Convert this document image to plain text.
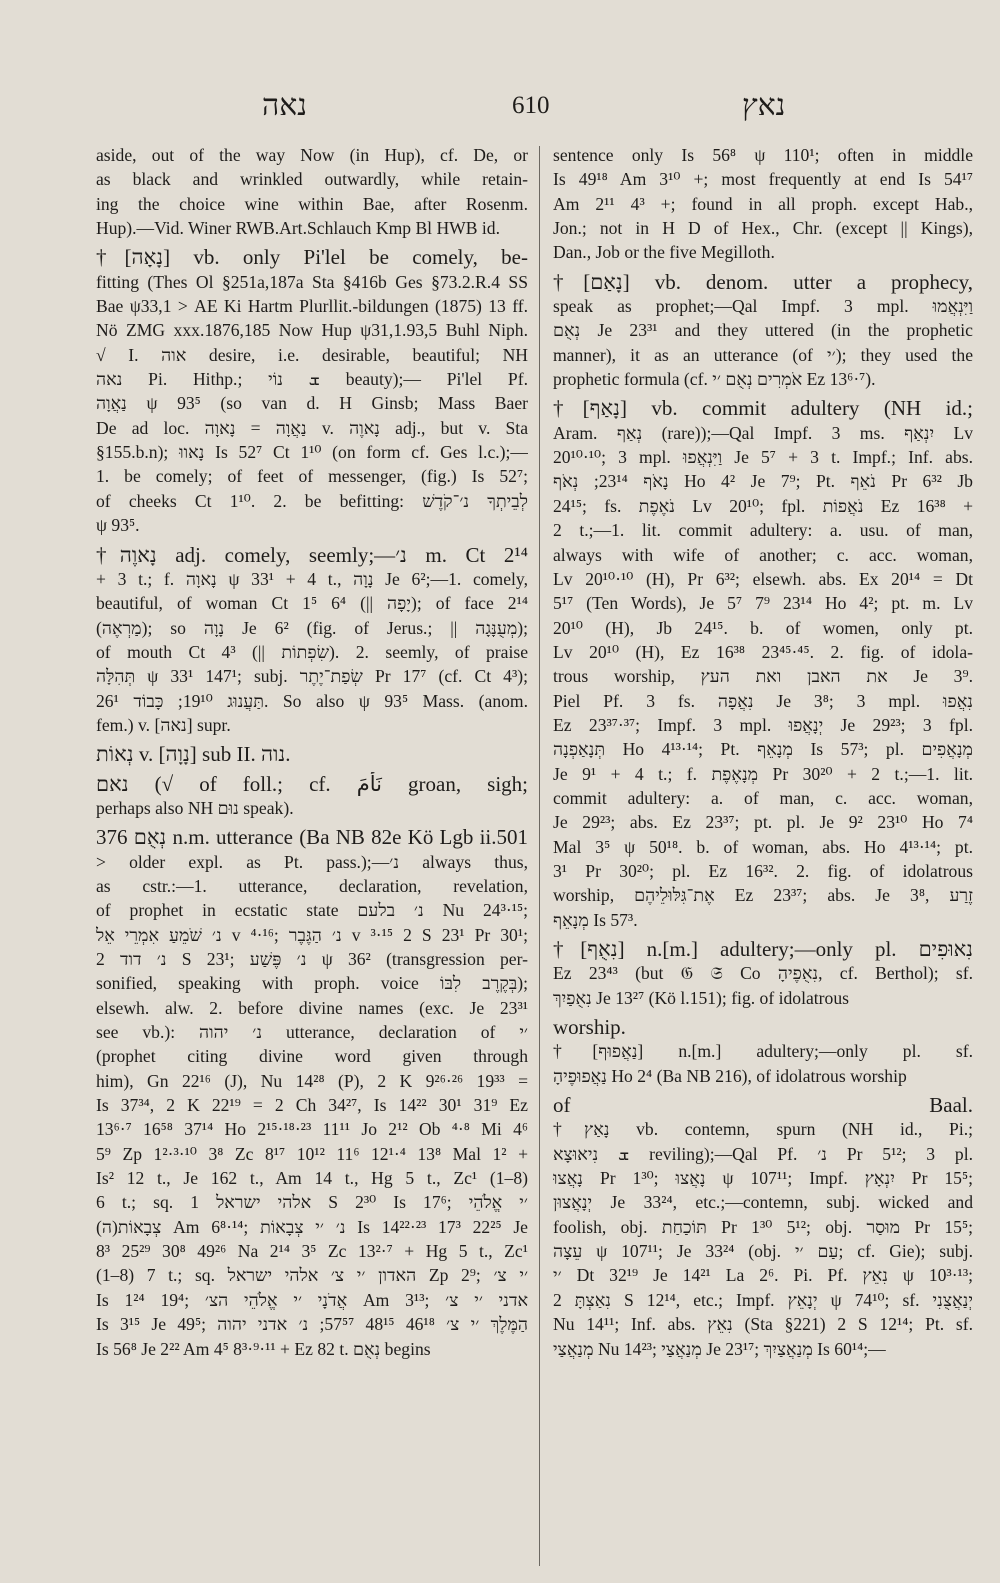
נאה	610	נאץ
aside, out of the way Now (in Hup), cf. De, or
as black and wrinkled outwardly, while retain-
ing the choice wine within Bae, after Rosenm.
Hup).—Vid. Winer RWB.Art.Schlauch Kmp Bl HWB id.
†[נָאָה] vb. only Pi'lel be comely, be-
fitting (Thes Ol §251a,187a Sta §416b Ges §73.2.R.4 SS
Bae ψ33,1 > AE Ki Hartm Plurllit.-bildungen (1875) 13 ff.
Nö ZMG xxx.1876,185 Now Hup ψ31,1.93,5 Buhl Niph.
√ I. אוה desire, i.e. desirable, beautiful; NH
נאה Pi. Hithp.; ܫ נוֹי beauty);— Pi'lel Pf.
נַאֲוָה ψ 93⁵ (so van d. H Ginsb; Mass Baer
De ad loc. נַאֲוָה = נָאוָה v. נָאוֶה adj., but v. Sta
§155.b.n); נָאווּ Is 52⁷ Ct 1¹⁰ (on form cf. Ges l.c.);—
1. be comely; of feet of messenger, (fig.) Is 52⁷;
of cheeks Ct 1¹⁰. 2. be befitting: לְבֵיתְךָ נ׳־קֹדֶשׁ
ψ 93⁵.
†נָאוֶה adj. comely, seemly;—נ׳ m. Ct 2¹⁴
+ 3 t.; f. נָאוָה ψ 33¹ + 4 t., נָוָה Je 6²;—1. comely,
beautiful, of woman Ct 1⁵ 6⁴ (|| יָפָה); of face 2¹⁴
(מַרְאֶה); so נָוָה Je 6² (fig. of Jerus.; || מְעֻנָּגָה);
of mouth Ct 4³ (|| שִׂפְתוֹת). 2. seemly, of praise
תְּהִלָּה ψ 33¹ 147¹; subj. שְׂפַת־יֶתֶר Pr 17⁷ (cf. Ct 4³);
תַּעֲנוּג 19¹⁰; כָּבוֹד 26¹. So also ψ 93⁵ Mass. (anom.
fem.) v. [נאה] supr.
נְאוֹת v. [נָוָה] sub II. נוה.
נאם (√ of foll.; cf. نَأَمَ groan, sigh;
perhaps also NH נוּם speak).
נְאֻם 376 n.m. utterance (Ba NB 82e Kö Lgb ii.501
> older expl. as Pt. pass.);—נ׳ always thus,
as cstr.:—1. utterance, declaration, revelation,
of prophet in ecstatic state נ׳ בלעם Nu 24³·¹⁵;
נ׳ שֹׁמֵעַ אִמְרֵי אֵל v ⁴·¹⁶; נ׳ הַגֶּבֶר v ³·¹⁵ 2 S 23¹ Pr 30¹;
נ׳ דוד 2 S 23¹; נ׳ פֶּשַׁע ψ 36² (transgression per-
sonified, speaking with proph. voice בְּקֶרֶב לִבּוֹ);
elsewh. alw. 2. before divine names (exc. Je 23³¹
see vb.): נ׳ יהוה utterance, declaration of ׳י
(prophet citing divine word given through
him), Gn 22¹⁶ (J), Nu 14²⁸ (P), 2 K 9²⁶·²⁶ 19³³ =
Is 37³⁴, 2 K 22¹⁹ = 2 Ch 34²⁷, Is 14²² 30¹ 31⁹ Ez
13⁶·⁷ 16⁵⁸ 37¹⁴ Ho 2¹⁵·¹⁸·²³ 11¹¹ Jo 2¹² Ob ⁴·⁸ Mi 4⁶
5⁹ Zp 1²·³·¹⁰ 3⁸ Zc 8¹⁷ 10¹² 11⁶ 12¹·⁴ 13⁸ Mal 1² +
Is² 12 t., Je 162 t., Am 14 t., Hg 5 t., Zc¹ (1–8)
6 t.; sq. אלהי ישראל 1 S 2³⁰ Is 17⁶; ׳י אֱלֹהֵי
(ה)צְבָאוֹת Am 6⁸·¹⁴; נ׳ ׳י צְבָאוֹת Is 14²²·²³ 17³ 22²⁵ Je
8³ 25²⁹ 30⁸ 49²⁶ Na 2¹⁴ 3⁵ Zc 13²·⁷ + Hg 5 t., Zc¹
(1–8) 7 t.; sq. האדון ׳י צ׳ אלהי ישראל Zp 2⁹; ׳י צ׳
Is 1²⁴ 19⁴; אֲדֹנָי ׳י אֱלֹהֵי הצ׳ Am 3¹³; אדני ׳י צ׳
Is 3¹⁵ Je 49⁵; הַמֶּלֶךְ ׳י צ׳ 46¹⁸ 48¹⁵ 57⁵⁷; נ׳ אדני יהוה
Is 56⁸ Je 2²² Am 4⁵ 8³·⁹·¹¹ + Ez 82 t. נְאֻם begins
sentence only Is 56⁸ ψ 110¹; often in middle
Is 49¹⁸ Am 3¹⁰ +; most frequently at end Is 54¹⁷
Am 2¹¹ 4³ +; found in all proph. except Hab.,
Jon.; not in H D of Hex., Chr. (except || Kings),
Dan., Job or the five Megilloth.
†[נָאַם] vb. denom. utter a prophecy,
speak as prophet;—Qal Impf. 3 mpl. וַיִּנְאֲמוּ
נְאֻם Je 23³¹ and they uttered (in the prophetic
manner), it as an utterance (of ׳י); they used the
prophetic formula (cf. אֹמְרִים נְאֻם ׳י Ez 13⁶·⁷).
†[נָאַף] vb. commit adultery (NH id.;
Aram. נְאַף (rare));—Qal Impf. 3 ms. יִנְאַף Lv
20¹⁰·¹⁰; 3 mpl. וַיִּנְאֲפוּ Je 5⁷ + 3 t. Impf.; Inf. abs.
נָאֹף 23¹⁴; נְאֹף Ho 4² Je 7⁹; Pt. נֹאֵף Pr 6³² Jb
24¹⁵; fs. נֹאֶפֶת Lv 20¹⁰; fpl. נֹאֲפוֹת Ez 16³⁸ +
2 t.;—1. lit. commit adultery: a. usu. of man,
always with wife of another; c. acc. woman,
Lv 20¹⁰·¹⁰ (H), Pr 6³²; elsewh. abs. Ex 20¹⁴ = Dt
5¹⁷ (Ten Words), Je 5⁷ 7⁹ 23¹⁴ Ho 4²; pt. m. Lv
20¹⁰ (H), Jb 24¹⁵. b. of women, only pt.
Lv 20¹⁰ (H), Ez 16³⁸ 23⁴⁵·⁴⁵. 2. fig. of idola-
trous worship, את האבן ואת העץ Je 3⁹.
Piel Pf. 3 fs. נִאֲפָה Je 3⁸; 3 mpl. נִאֲפוּ
Ez 23³⁷·³⁷; Impf. 3 mpl. יְנָאֲפוּ Je 29²³; 3 fpl.
תְּנָאַפְנָה Ho 4¹³·¹⁴; Pt. מְנָאֵף Is 57³; pl. מְנָאֲפִים
Je 9¹ + 4 t.; f. מְנָאֶפֶת Pr 30²⁰ + 2 t.;—1. lit.
commit adultery: a. of man, c. acc. woman,
Je 29²³; abs. Ez 23³⁷; pt. pl. Je 9² 23¹⁰ Ho 7⁴
Mal 3⁵ ψ 50¹⁸. b. of woman, abs. Ho 4¹³·¹⁴; pt.
3¹ Pr 30²⁰; pl. Ez 16³². 2. fig. of idolatrous
worship, אֶת־גִּלּוּלֵיהֶם Ez 23³⁷; abs. Je 3⁸, זֶרַע
מְנָאֵף Is 57³.
†[נִאֻף] n.[m.] adultery;—only pl. נִאוּפִים
Ez 23⁴³ (but 𝔊 𝔖 Co נִאֻפֶיהָ, cf. Berthol); sf.
נִאֻפַיִךְ Je 13²⁷ (Kö l.151); fig. of idolatrous
worship.
†[נַאֲפוּף] n.[m.] adultery;—only pl. sf.
נַאֲפוּפֶיהָ Ho 2⁴ (Ba NB 216), of idolatrous worship
of Baal.
†נָאַץ vb. contemn, spurn (NH id., Pi.;
ܫ נִיאוּצָא reviling);—Qal Pf. נ׳ Pr 5¹²; 3 pl.
נָאֲצוּ Pr 1³⁰; נָאֲצוּ ψ 107¹¹; Impf. יִנְאָץ Pr 15⁵;
יְנָאֲצוּן Je 33²⁴, etc.;—contemn, subj. wicked and
foolish, obj. תּוֹכַחַת Pr 1³⁰ 5¹²; obj. מוּסַר Pr 15⁵;
עֵצָה ψ 107¹¹; Je 33²⁴ (obj. עַם ׳י; cf. Gie); subj.
׳י Dt 32¹⁹ Je 14²¹ La 2⁶. Pi. Pf. נִאֵץ ψ 10³·¹³;
נִאַצְתָּ 2 S 12¹⁴, etc.; Impf. יְנָאֵץ ψ 74¹⁰; sf. יְנַאֲצֻנִי
Nu 14¹¹; Inf. abs. נִאֵץ (Sta §221) 2 S 12¹⁴; Pt. sf.
מְנַאֲצַי Nu 14²³; מְנַאֲצַי Je 23¹⁷; מְנַאֲצַיִךְ Is 60¹⁴;—
